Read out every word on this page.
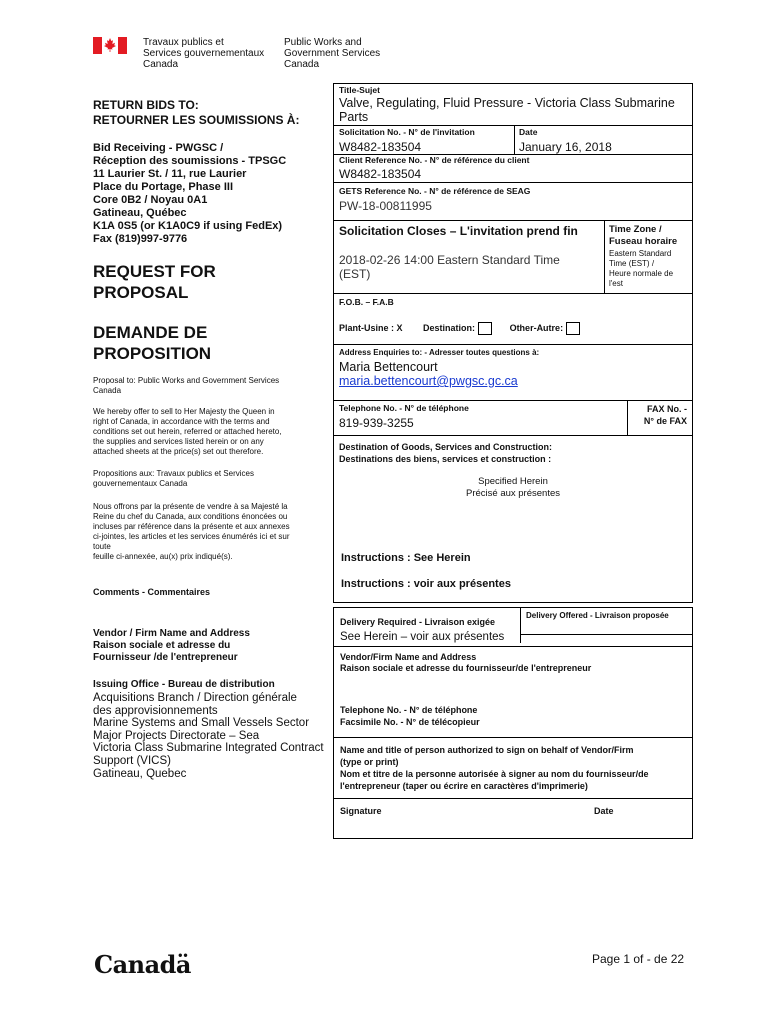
Travaux publics et
Services gouvernementaux
Canada
Public Works and
Government Services
Canada
RETURN BIDS TO:
RETOURNER LES SOUMISSIONS À:
Bid Receiving - PWGSC /
Réception des soumissions - TPSGC
11 Laurier St. / 11, rue Laurier
Place du Portage, Phase III
Core 0B2 / Noyau 0A1
Gatineau, Québec
K1A 0S5 (or K1A0C9 if using FedEx)
Fax (819)997-9776
REQUEST FOR
PROPOSAL
DEMANDE DE
PROPOSITION
Proposal to: Public Works and Government Services
Canada
We hereby offer to sell to Her Majesty the Queen in
right of Canada, in accordance with the terms and
conditions set out herein, referred or attached hereto,
the supplies and services listed herein or on any
attached sheets at the price(s) set out therefore.
Propositions aux: Travaux publics et Services
gouvernementaux Canada
Nous offrons par la présente de vendre à sa Majesté la
Reine du chef du Canada, aux conditions énoncées ou
incluses par référence dans la présente et aux annexes
ci-jointes, les articles et les services énumérés ici et sur
toute
feuille ci-annexée, au(x) prix indiqué(s).
Comments - Commentaires
Vendor / Firm Name and Address
Raison sociale et adresse du
Fournisseur /de l'entrepreneur
Issuing Office - Bureau de distribution
Acquisitions Branch / Direction générale
des approvisionnements
Marine Systems and Small Vessels Sector
Major Projects Directorate – Sea
Victoria Class Submarine Integrated Contract
Support (VICS)
Gatineau, Quebec
Title-Sujet
Valve, Regulating, Fluid Pressure - Victoria Class Submarine
Parts
Solicitation No. - N° de l'invitation
W8482-183504
Date
January 16, 2018
Client Reference No. - N° de référence du client
W8482-183504
GETS Reference No. - N° de référence de SEAG
PW-18-00811995
Solicitation Closes – L'invitation prend fin
2018-02-26 14:00 Eastern Standard Time
(EST)
Time Zone /
Fuseau horaire
Eastern Standard
Time (EST) /
Heure normale de
l'est
F.O.B. – F.A.B
Plant-Usine : X Destination:	Other-Autre:
Address Enquiries to: - Adresser toutes questions à:
Maria Bettencourt
maria.bettencourt@pwgsc.gc.ca
Telephone No. - N° de téléphone
819-939-3255
FAX No. -
N° de FAX
Destination of Goods, Services and Construction:
Destinations des biens, services et construction :
Specified Herein
Précisé aux présentes
Instructions : See Herein
Instructions : voir aux présentes
Delivery Required - Livraison exigée
See Herein – voir aux présentes
Delivery Offered - Livraison proposée
Vendor/Firm Name and Address
Raison sociale et adresse du fournisseur/de l'entrepreneur
Telephone No. - N° de téléphone
Facsimile No. - N° de télécopieur
Name and title of person authorized to sign on behalf of Vendor/Firm
(type or print)
Nom et titre de la personne autorisée à signer au nom du fournisseur/de
l'entrepreneur (taper ou écrire en caractères d'imprimerie)
Signature	Date
Canadä	Page 1 of - de 22
